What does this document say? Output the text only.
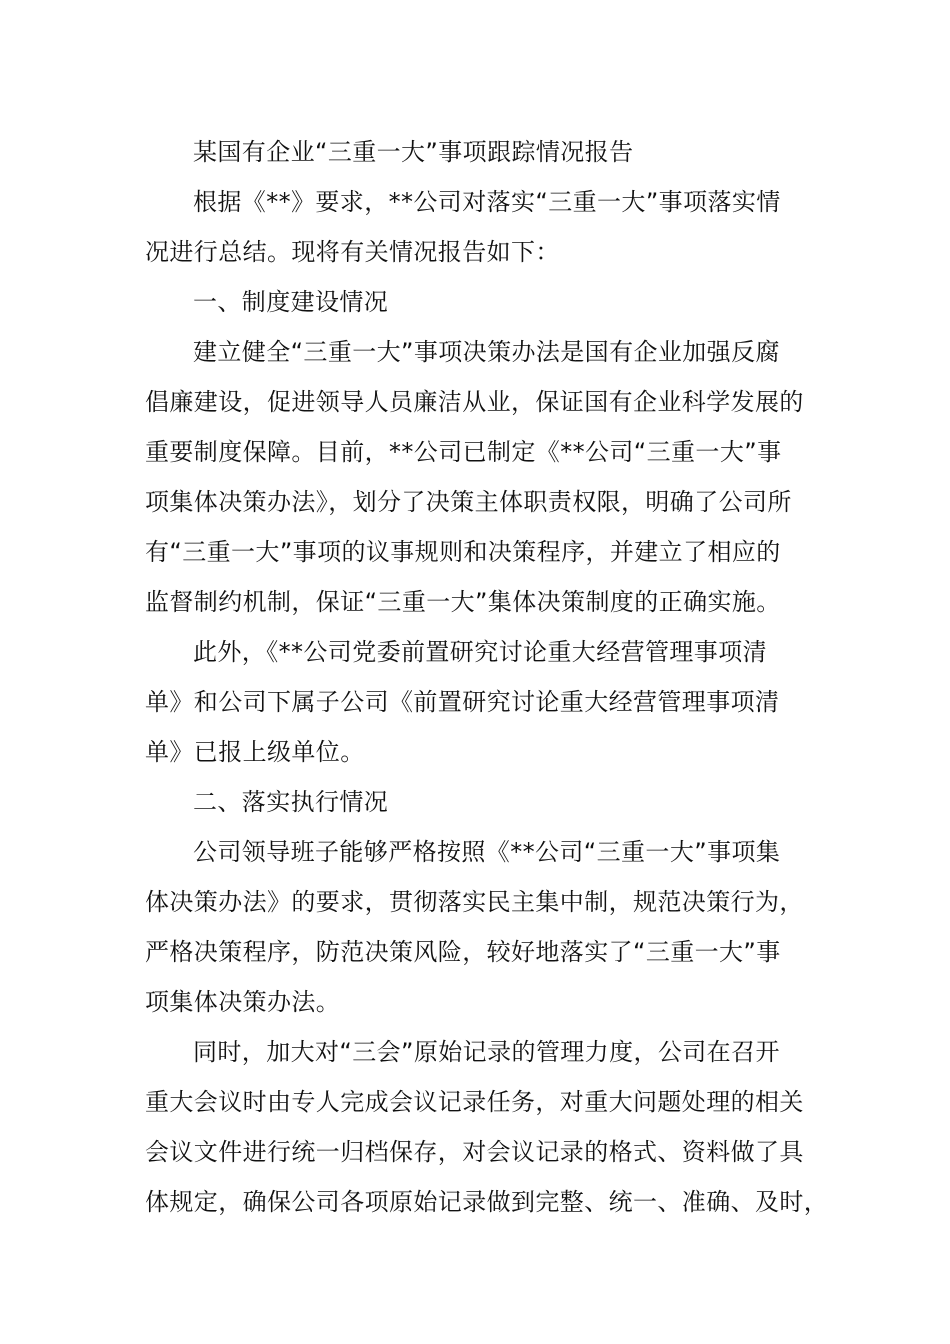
某国有企业“三重一大”事项跟踪情况报告
根据《**》要求，**公司对落实“三重一大”事项落实情
况进行总结。现将有关情况报告如下：
一、制度建设情况
建立健全“三重一大”事项决策办法是国有企业加强反腐
倡廉建设，促进领导人员廉洁从业，保证国有企业科学发展的
重要制度保障。目前，**公司已制定《**公司“三重一大”事
项集体决策办法》，划分了决策主体职责权限，明确了公司所
有“三重一大”事项的议事规则和决策程序，并建立了相应的
监督制约机制，保证“三重一大”集体决策制度的正确实施。
此外，《**公司党委前置研究讨论重大经营管理事项清
单》和公司下属子公司《前置研究讨论重大经营管理事项清
单》已报上级单位。
二、落实执行情况
公司领导班子能够严格按照《**公司“三重一大”事项集
体决策办法》的要求，贯彻落实民主集中制，规范决策行为，
严格决策程序，防范决策风险，较好地落实了“三重一大”事
项集体决策办法。
同时，加大对“三会”原始记录的管理力度，公司在召开
重大会议时由专人完成会议记录任务，对重大问题处理的相关
会议文件进行统一归档保存，对会议记录的格式、资料做了具
体规定，确保公司各项原始记录做到完整、统一、准确、及时，
